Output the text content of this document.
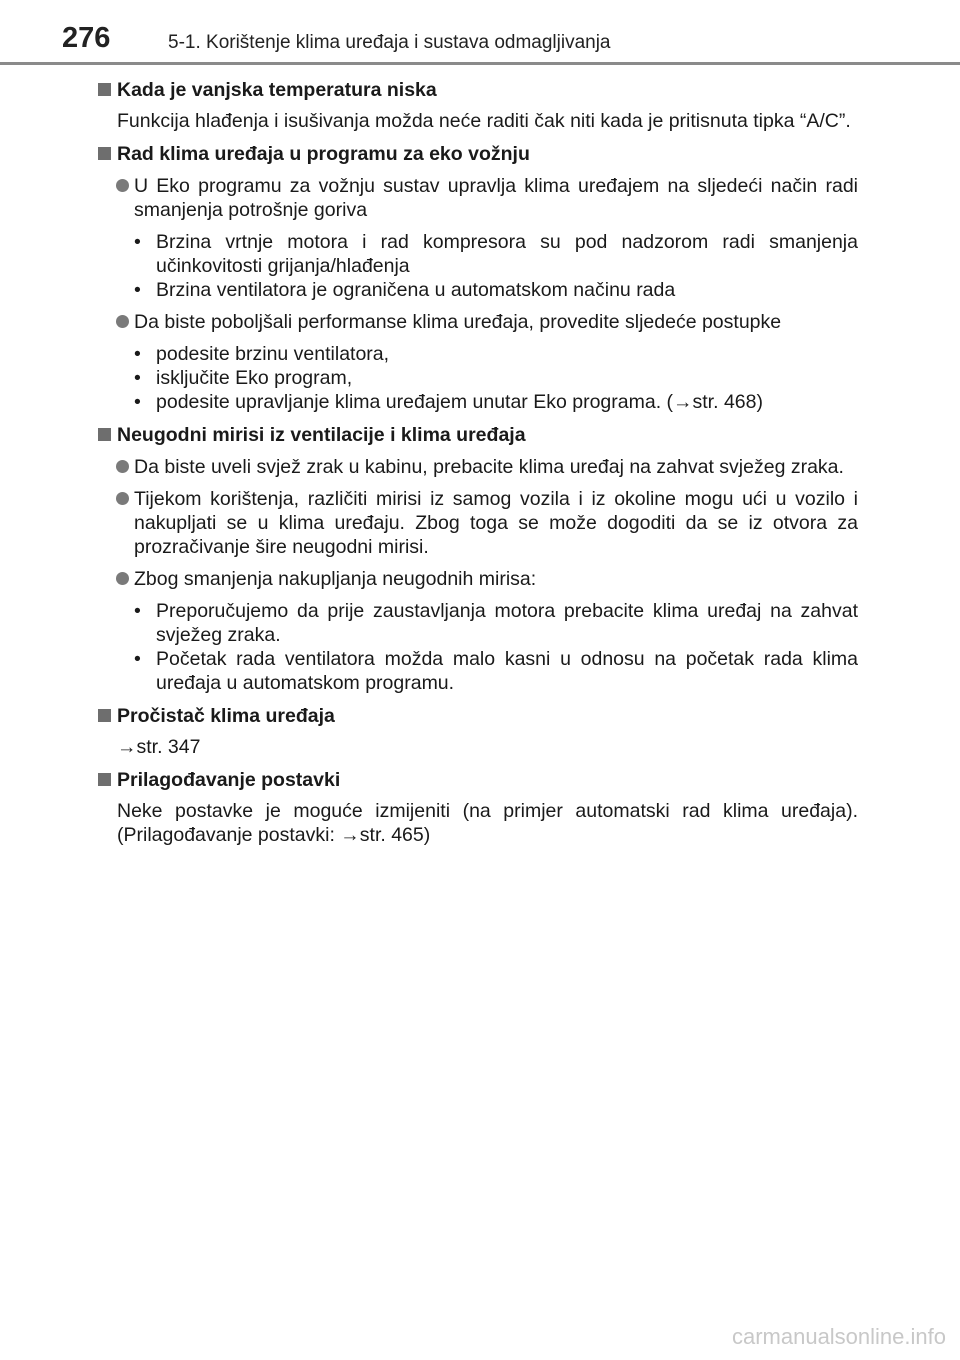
276	5-1. Korištenje klima uređaja i sustava odmagljivanja
Kada je vanjska temperatura niska
Funkcija hlađenja i isušivanja možda neće raditi čak niti kada je pritisnuta tipka “A/C”.
Rad klima uređaja u programu za eko vožnju
U Eko programu za vožnju sustav upravlja klima uređajem na sljedeći način radi smanjenja potrošnje goriva
• Brzina vrtnje motora i rad kompresora su pod nadzorom radi smanjenja učinkovitosti grijanja/hlađenja
• Brzina ventilatora je ograničena u automatskom načinu rada
Da biste poboljšali performanse klima uređaja, provedite sljedeće postupke
• podesite brzinu ventilatora,
• isključite Eko program,
• podesite upravljanje klima uređajem unutar Eko programa. (→str. 468)
Neugodni mirisi iz ventilacije i klima uređaja
Da biste uveli svjež zrak u kabinu, prebacite klima uređaj na zahvat svježeg zraka.
Tijekom korištenja, različiti mirisi iz samog vozila i iz okoline mogu ući u vozilo i nakupljati se u klima uređaju. Zbog toga se može dogoditi da se iz otvora za prozračivanje šire neugodni mirisi.
Zbog smanjenja nakupljanja neugodnih mirisa:
• Preporučujemo da prije zaustavljanja motora prebacite klima uređaj na zahvat svježeg zraka.
• Početak rada ventilatora možda malo kasni u odnosu na početak rada klima uređaja u automatskom programu.
Pročistač klima uređaja
→str. 347
Prilagođavanje postavki
Neke postavke je moguće izmijeniti (na primjer automatski rad klima uređaja). (Prilagođavanje postavki: →str. 465)
carmanualsonline.info
